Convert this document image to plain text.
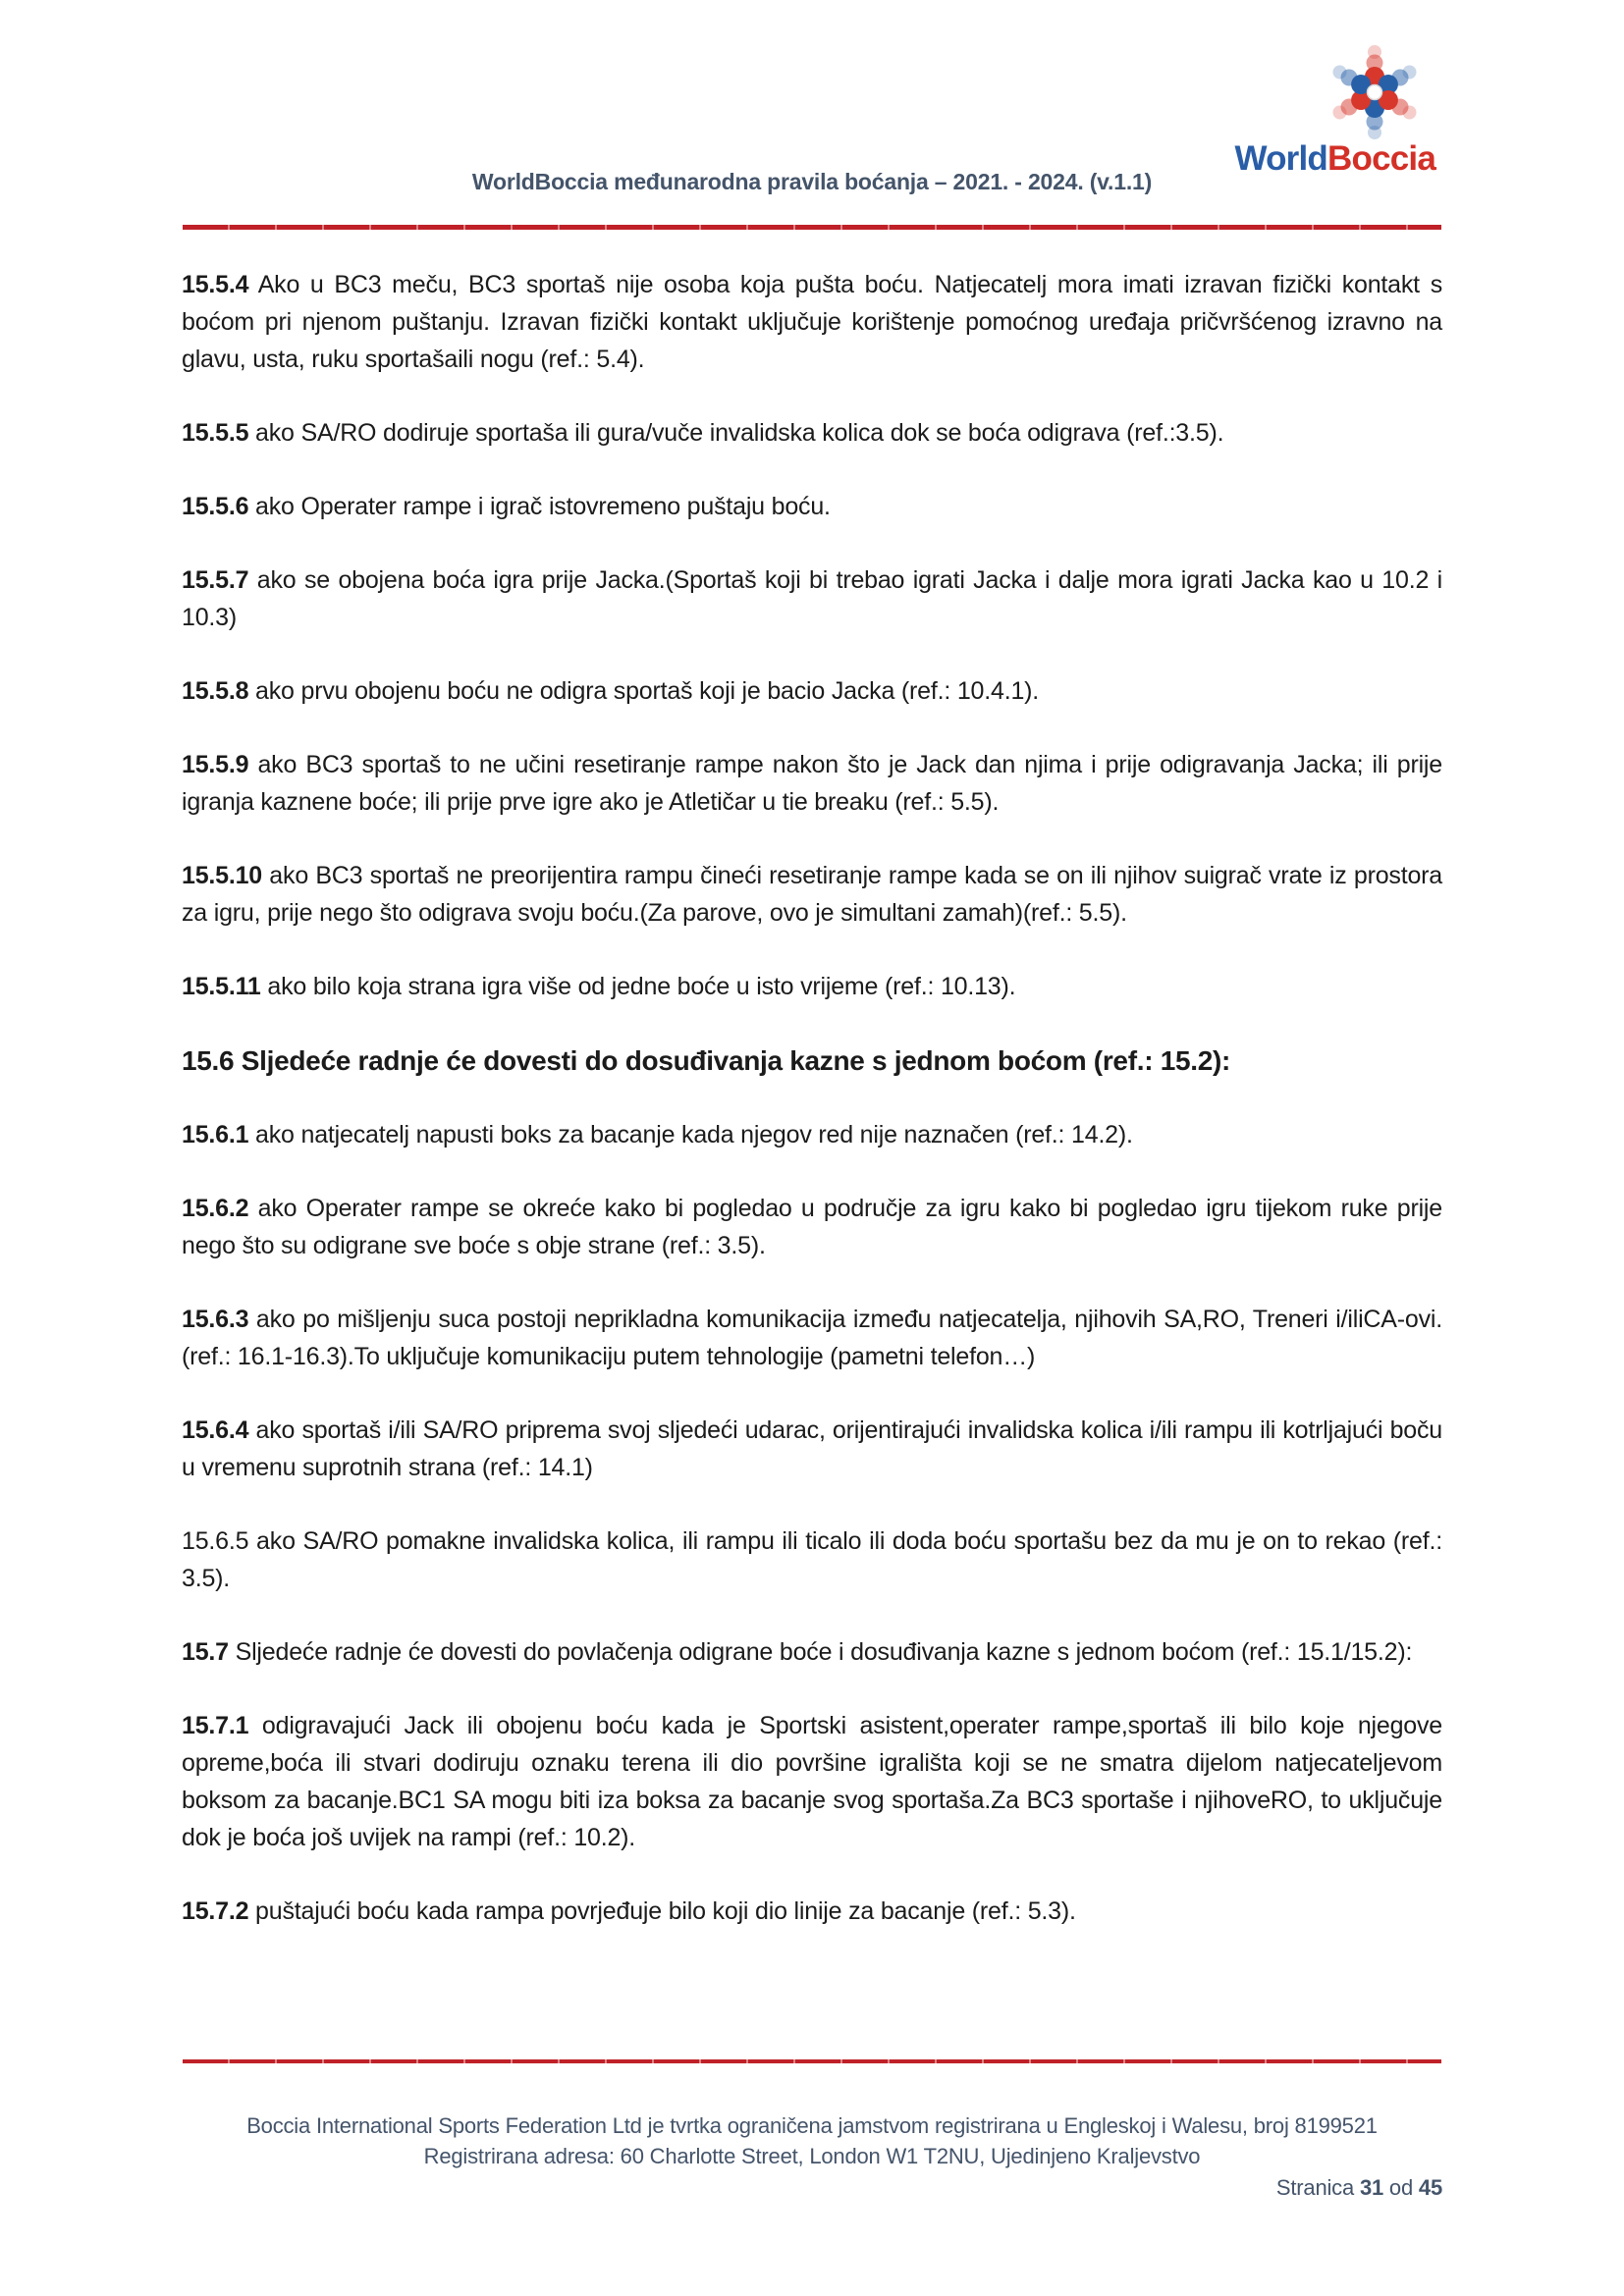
WorldBoccia
WorldBoccia međunarodna pravila boćanja – 2021. - 2024. (v.1.1)

15.5.4 Ako u BC3 meču, BC3 sportaš nije osoba koja pušta boću. Natjecatelj mora imati izravan fizički kontakt s boćom pri njenom puštanju. Izravan fizički kontakt uključuje korištenje pomoćnog uređaja pričvršćenog izravno na glavu, usta, ruku sportašaili nogu (ref.: 5.4).

15.5.5 ako SA/RO dodiruje sportaša ili gura/vuče invalidska kolica dok se boća odigrava (ref.:3.5).

15.5.6 ako Operater rampe i igrač istovremeno puštaju boću.

15.5.7 ako se obojena boća igra prije Jacka.(Sportaš koji bi trebao igrati Jacka i dalje mora igrati Jacka kao u 10.2 i 10.3)

15.5.8 ako prvu obojenu boću ne odigra sportaš koji je bacio Jacka (ref.: 10.4.1).

15.5.9 ako BC3 sportaš to ne učini resetiranje rampe nakon što je Jack dan njima i prije odigravanja Jacka; ili prije igranja kaznene boće; ili prije prve igre ako je Atletičar u tie breaku (ref.: 5.5).

15.5.10 ako BC3 sportaš ne preorijentira rampu čineći resetiranje rampe kada se on ili njihov suigrač vrate iz prostora za igru, prije nego što odigrava svoju boću.(Za parove, ovo je simultani zamah)(ref.: 5.5).

15.5.11 ako bilo koja strana igra više od jedne boće u isto vrijeme (ref.: 10.13).

15.6 Sljedeće radnje će dovesti do dosuđivanja kazne s jednom boćom (ref.: 15.2):

15.6.1 ako natjecatelj napusti boks za bacanje kada njegov red nije naznačen (ref.: 14.2).

15.6.2 ako Operater rampe se okreće kako bi pogledao u područje za igru kako bi pogledao igru tijekom ruke prije nego što su odigrane sve boće s obje strane (ref.: 3.5).

15.6.3 ako po mišljenju suca postoji neprikladna komunikacija između natjecatelja, njihovih SA,RO, Treneri i/iliCA-ovi.(ref.: 16.1-16.3).To uključuje komunikaciju putem tehnologije (pametni telefon…)

15.6.4 ako sportaš i/ili SA/RO priprema svoj sljedeći udarac, orijentirajući invalidska kolica i/ili rampu ili kotrljajući boču u vremenu suprotnih strana (ref.: 14.1)

15.6.5 ako SA/RO pomakne invalidska kolica, ili rampu ili ticalo ili doda boću sportašu bez da mu je on to rekao (ref.: 3.5).

15.7 Sljedeće radnje će dovesti do povlačenja odigrane boće i dosuđivanja kazne s jednom boćom (ref.: 15.1/15.2):

15.7.1 odigravajući Jack ili obojenu boću kada je Sportski asistent,operater rampe,sportaš ili bilo koje njegove opreme,boća ili stvari dodiruju oznaku terena ili dio površine igrališta koji se ne smatra dijelom natjecateljevom boksom za bacanje.BC1 SA mogu biti iza boksa za bacanje svog sportaša.Za BC3 sportaše i njihoveRO, to uključuje dok je boća još uvijek na rampi (ref.: 10.2).

15.7.2 puštajući boću kada rampa povrjeđuje bilo koji dio linije za bacanje (ref.: 5.3).

Boccia International Sports Federation Ltd je tvrtka ograničena jamstvom registrirana u Engleskoj i Walesu, broj 8199521
Registrirana adresa: 60 Charlotte Street, London W1 T2NU, Ujedinjeno Kraljevstvo
Stranica 31 od 45
